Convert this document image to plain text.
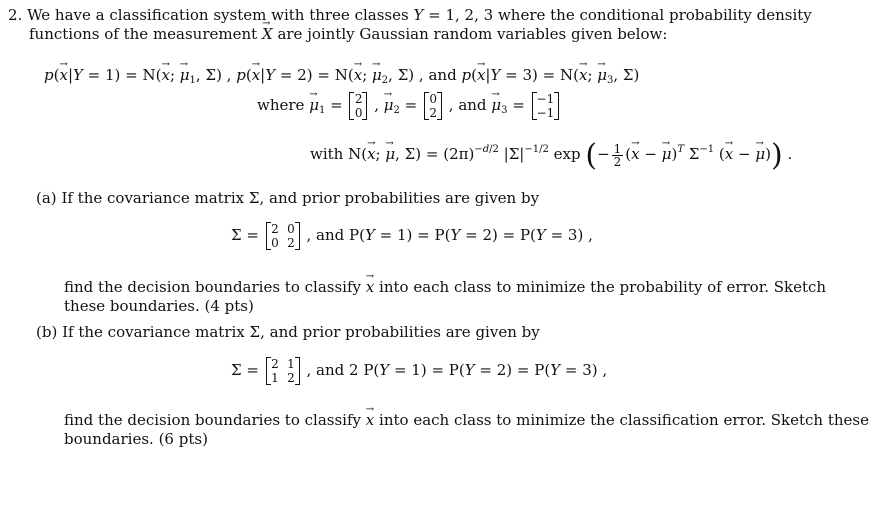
2. We have a classification system with three classes Y = 1, 2, 3 where the conditional probability density
functions of the measurement → X are jointly Gaussian random variables given below:
p(→ x|Y = 1) = N(→ x; → $\mu_1$, Σ) , p(→ x|Y = 2) = N(→ x; → $\mu_2$, Σ) , and p(→ x|Y = 3) = N(→ x; → $\mu_3$, Σ)
where → $\mu_1 = 2$
0 , → $\mu_2 = 0$
2 , and → $\mu_3 = -1$
−1
with N(→ x; → μ, $\Sigma) = (2\pi)^{-d/2}$ $|\Sigma|^{-1/2}$ exp (− $\frac{1}{2}$ (→ x − → μ)$^T$ $\Sigma^{-1}$ (→ x − → μ)) .
(a) If the covariance matrix Σ, and prior probabilities are given by
Σ = 2 0
0 2 , and P(Y = 1) = P(Y = 2) = P(Y = 3) ,
find the decision boundaries to classify → x into each class to minimize the probability of error. Sketch
these boundaries. (4 pts)
(b) If the covariance matrix Σ, and prior probabilities are given by
Σ = 2 1
1 2 , and 2 P(Y = 1) = P(Y = 2) = P(Y = 3) ,
find the decision boundaries to classify → x into each class to minimize the classification error. Sketch these
boundaries. (6 pts)
